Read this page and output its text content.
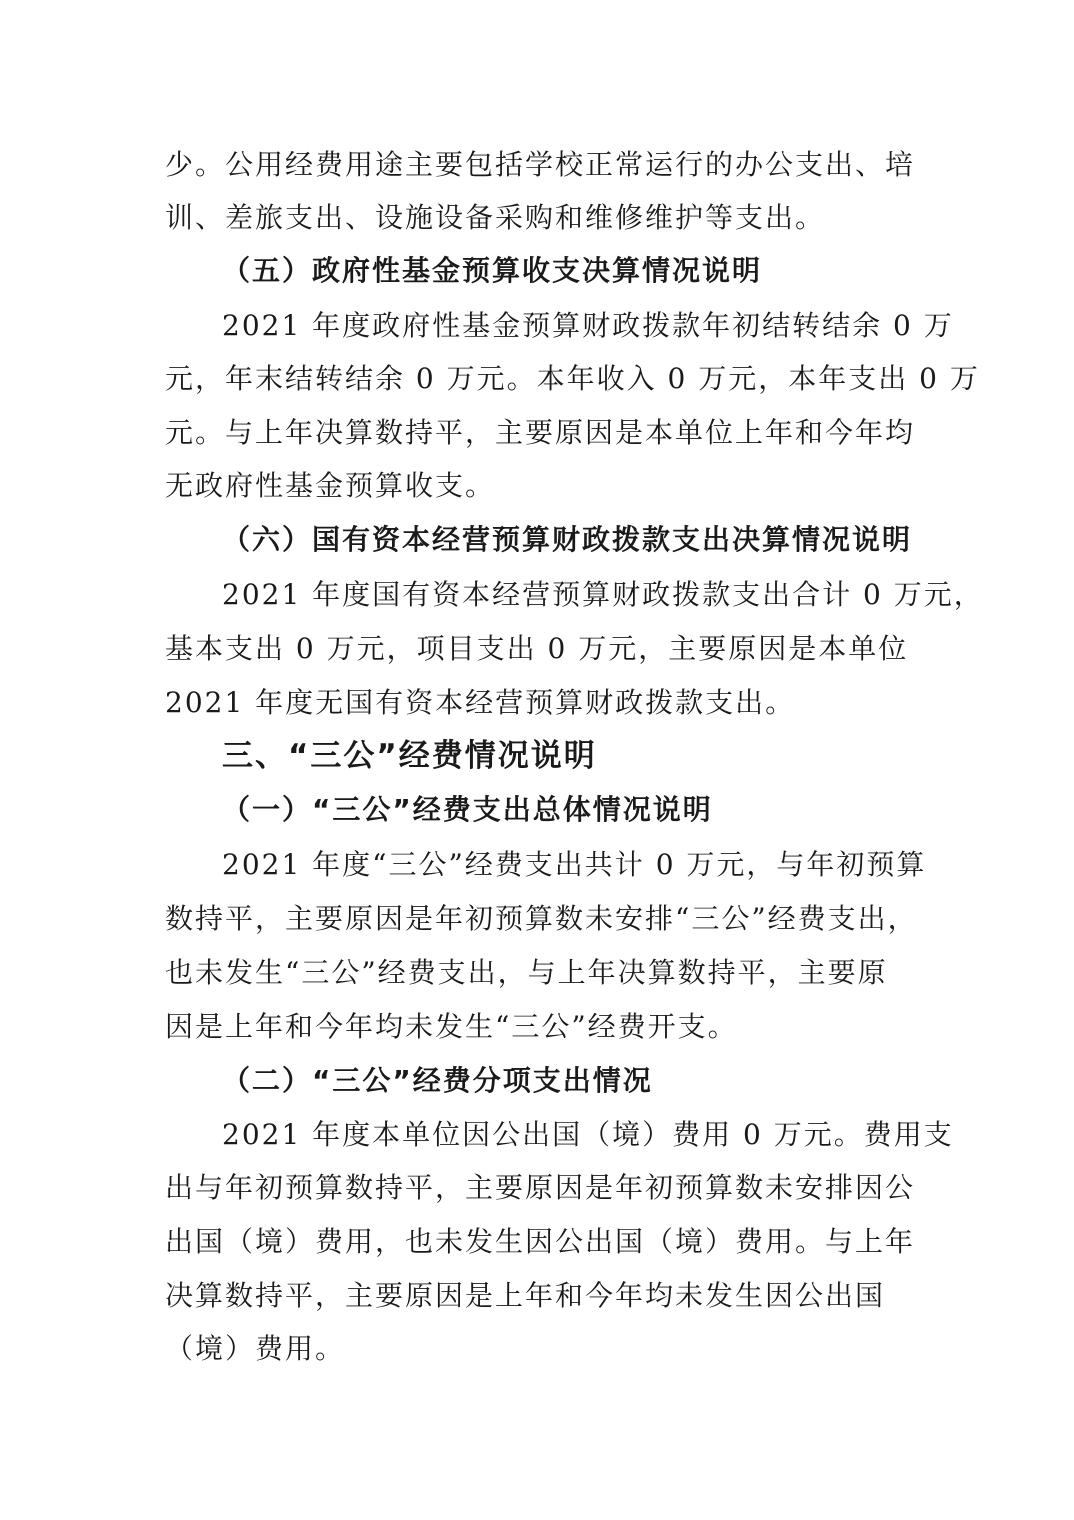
少。公用经费用途主要包括学校正常运行的办公支出、培

训、差旅支出、设施设备采购和维修维护等支出。

（五）政府性基金预算收支决算情况说明

2021 年度政府性基金预算财政拨款年初结转结余 0 万

元，年末结转结余 0 万元。本年收入 0 万元，本年支出 0 万

元。与上年决算数持平，主要原因是本单位上年和今年均

无政府性基金预算收支。

（六）国有资本经营预算财政拨款支出决算情况说明

2021 年度国有资本经营预算财政拨款支出合计 0 万元，

基本支出 0 万元，项目支出 0 万元，主要原因是本单位

2021 年度无国有资本经营预算财政拨款支出。

三、“三公”经费情况说明

（一）“三公”经费支出总体情况说明

2021 年度“三公”经费支出共计 0 万元，与年初预算

数持平，主要原因是年初预算数未安排“三公”经费支出，

也未发生“三公”经费支出，与上年决算数持平，主要原

因是上年和今年均未发生“三公”经费开支。

（二）“三公”经费分项支出情况

2021 年度本单位因公出国（境）费用 0 万元。费用支

出与年初预算数持平，主要原因是年初预算数未安排因公

出国（境）费用，也未发生因公出国（境）费用。与上年

决算数持平，主要原因是上年和今年均未发生因公出国

（境）费用。
